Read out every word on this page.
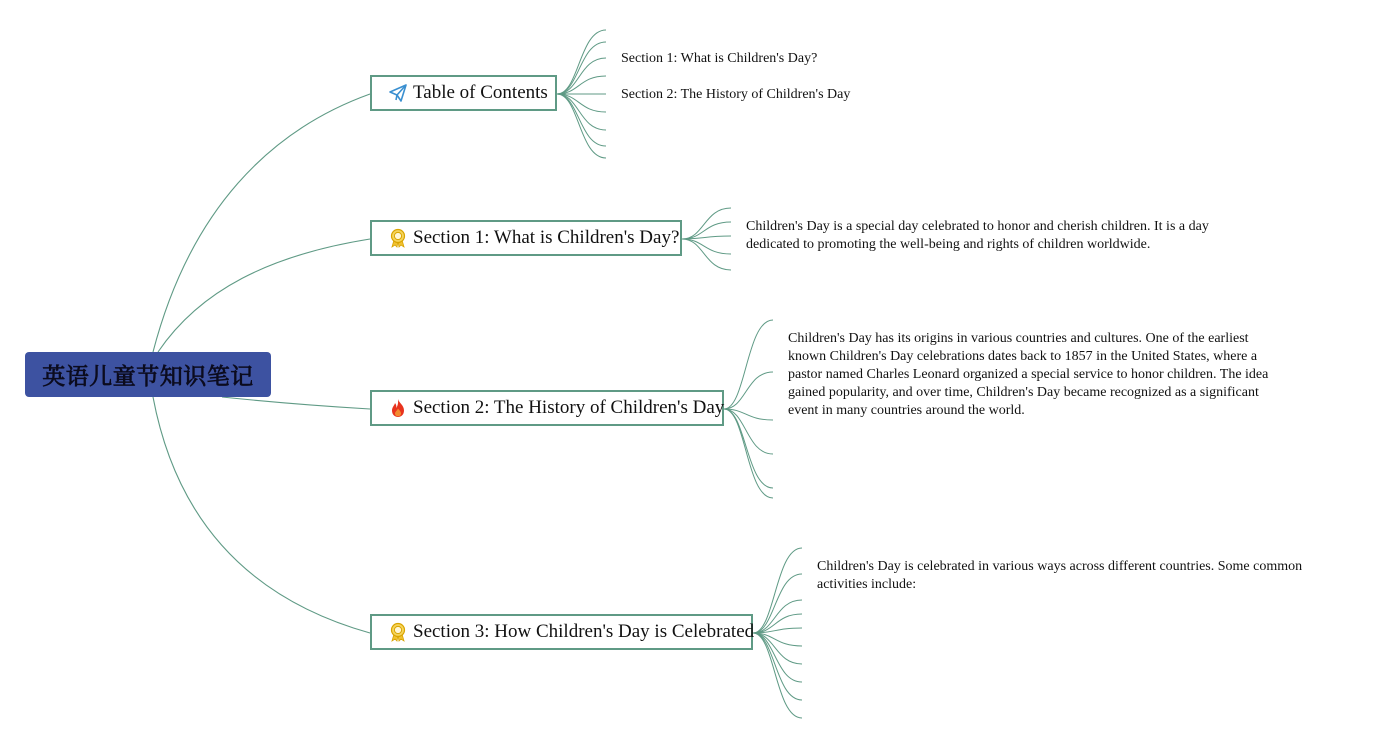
英语儿童节知识笔记
Table of Contents
Section 1: What is Children's Day?
Section 2: The History of Children's Day
Section 1: What is Children's Day?
Children's Day is a special day celebrated to honor and cherish children. It is a day dedicated to promoting the well-being and rights of children worldwide.
Section 2: The History of Children's Day
Children's Day has its origins in various countries and cultures. One of the earliest known Children's Day celebrations dates back to 1857 in the United States, where a pastor named Charles Leonard organized a special service to honor children. The idea gained popularity, and over time, Children's Day became recognized as a significant event in many countries around the world.
Section 3: How Children's Day is Celebrated
Children's Day is celebrated in various ways across different countries. Some common activities include:
